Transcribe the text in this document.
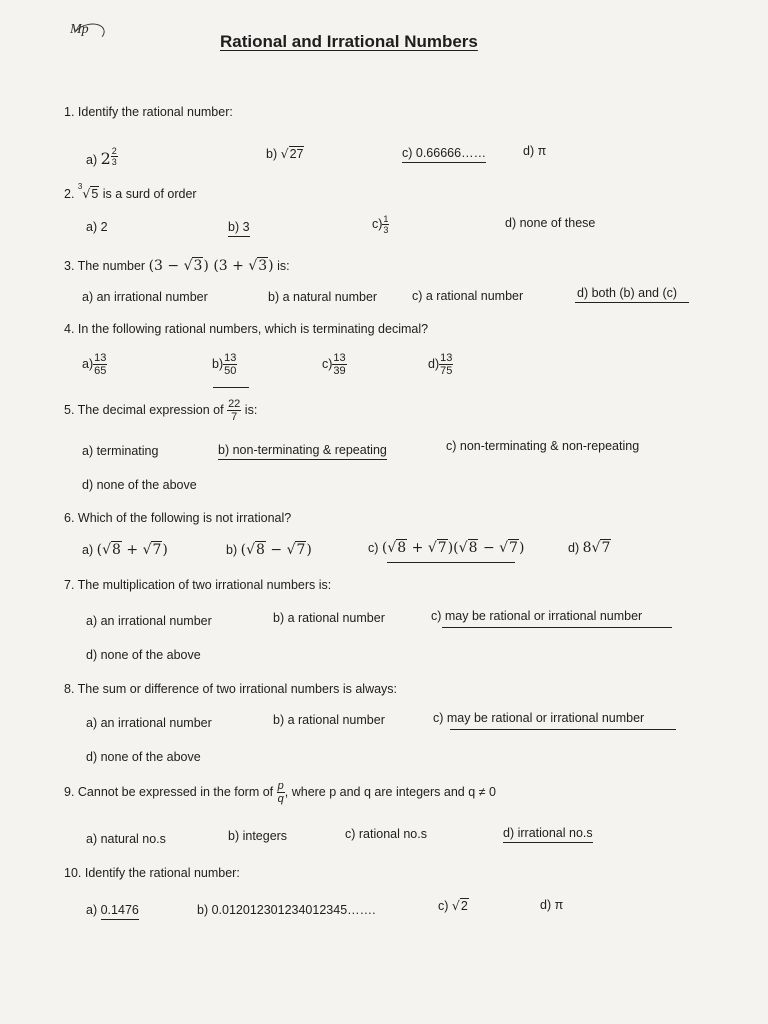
Mp
Rational and Irrational Numbers
1. Identify the rational number:
a) $2 \frac{2}{3}$	b) √27	c) 0.66666……	d) π
2. $^3$√5 is a surd of order
a) 2	b) 3	$c) \frac{1}{3}$	d) none of these
3. The number (3 − √3) (3 + √3) is:
a) an irrational number	b) a natural number	c) a rational number	d) both (b) and (c)
4. In the following rational numbers, which is terminating decimal?
$a) \frac{13}{65}$	$b) \frac{13}{50}$	$c) \frac{13}{39}$	$d) \frac{13}{75}$
5. The decimal expression of $\frac{22}{7}$ is:
a) terminating	b) non-terminating & repeating	c) non-terminating & non-repeating
d) none of the above
6. Which of the following is not irrational?
a) (√8 + √7)	b) (√8 − √7)	c) (√8 + √7)(√8 − √7)	d) 8√7
7. The multiplication of two irrational numbers is:
a) an irrational number	b) a rational number	c) may be rational or irrational number
d) none of the above
8. The sum or difference of two irrational numbers is always:
a) an irrational number	b) a rational number	c) may be rational or irrational number
d) none of the above
9. Cannot be expressed in the form of $\frac{p}{q}$ , where p and q are integers and q ≠ 0
a) natural no.s	b) integers	c) rational no.s	d) irrational no.s
10. Identify the rational number:
a) 0.1476	b) 0.012012301234012345…….	c) √2	d) π
